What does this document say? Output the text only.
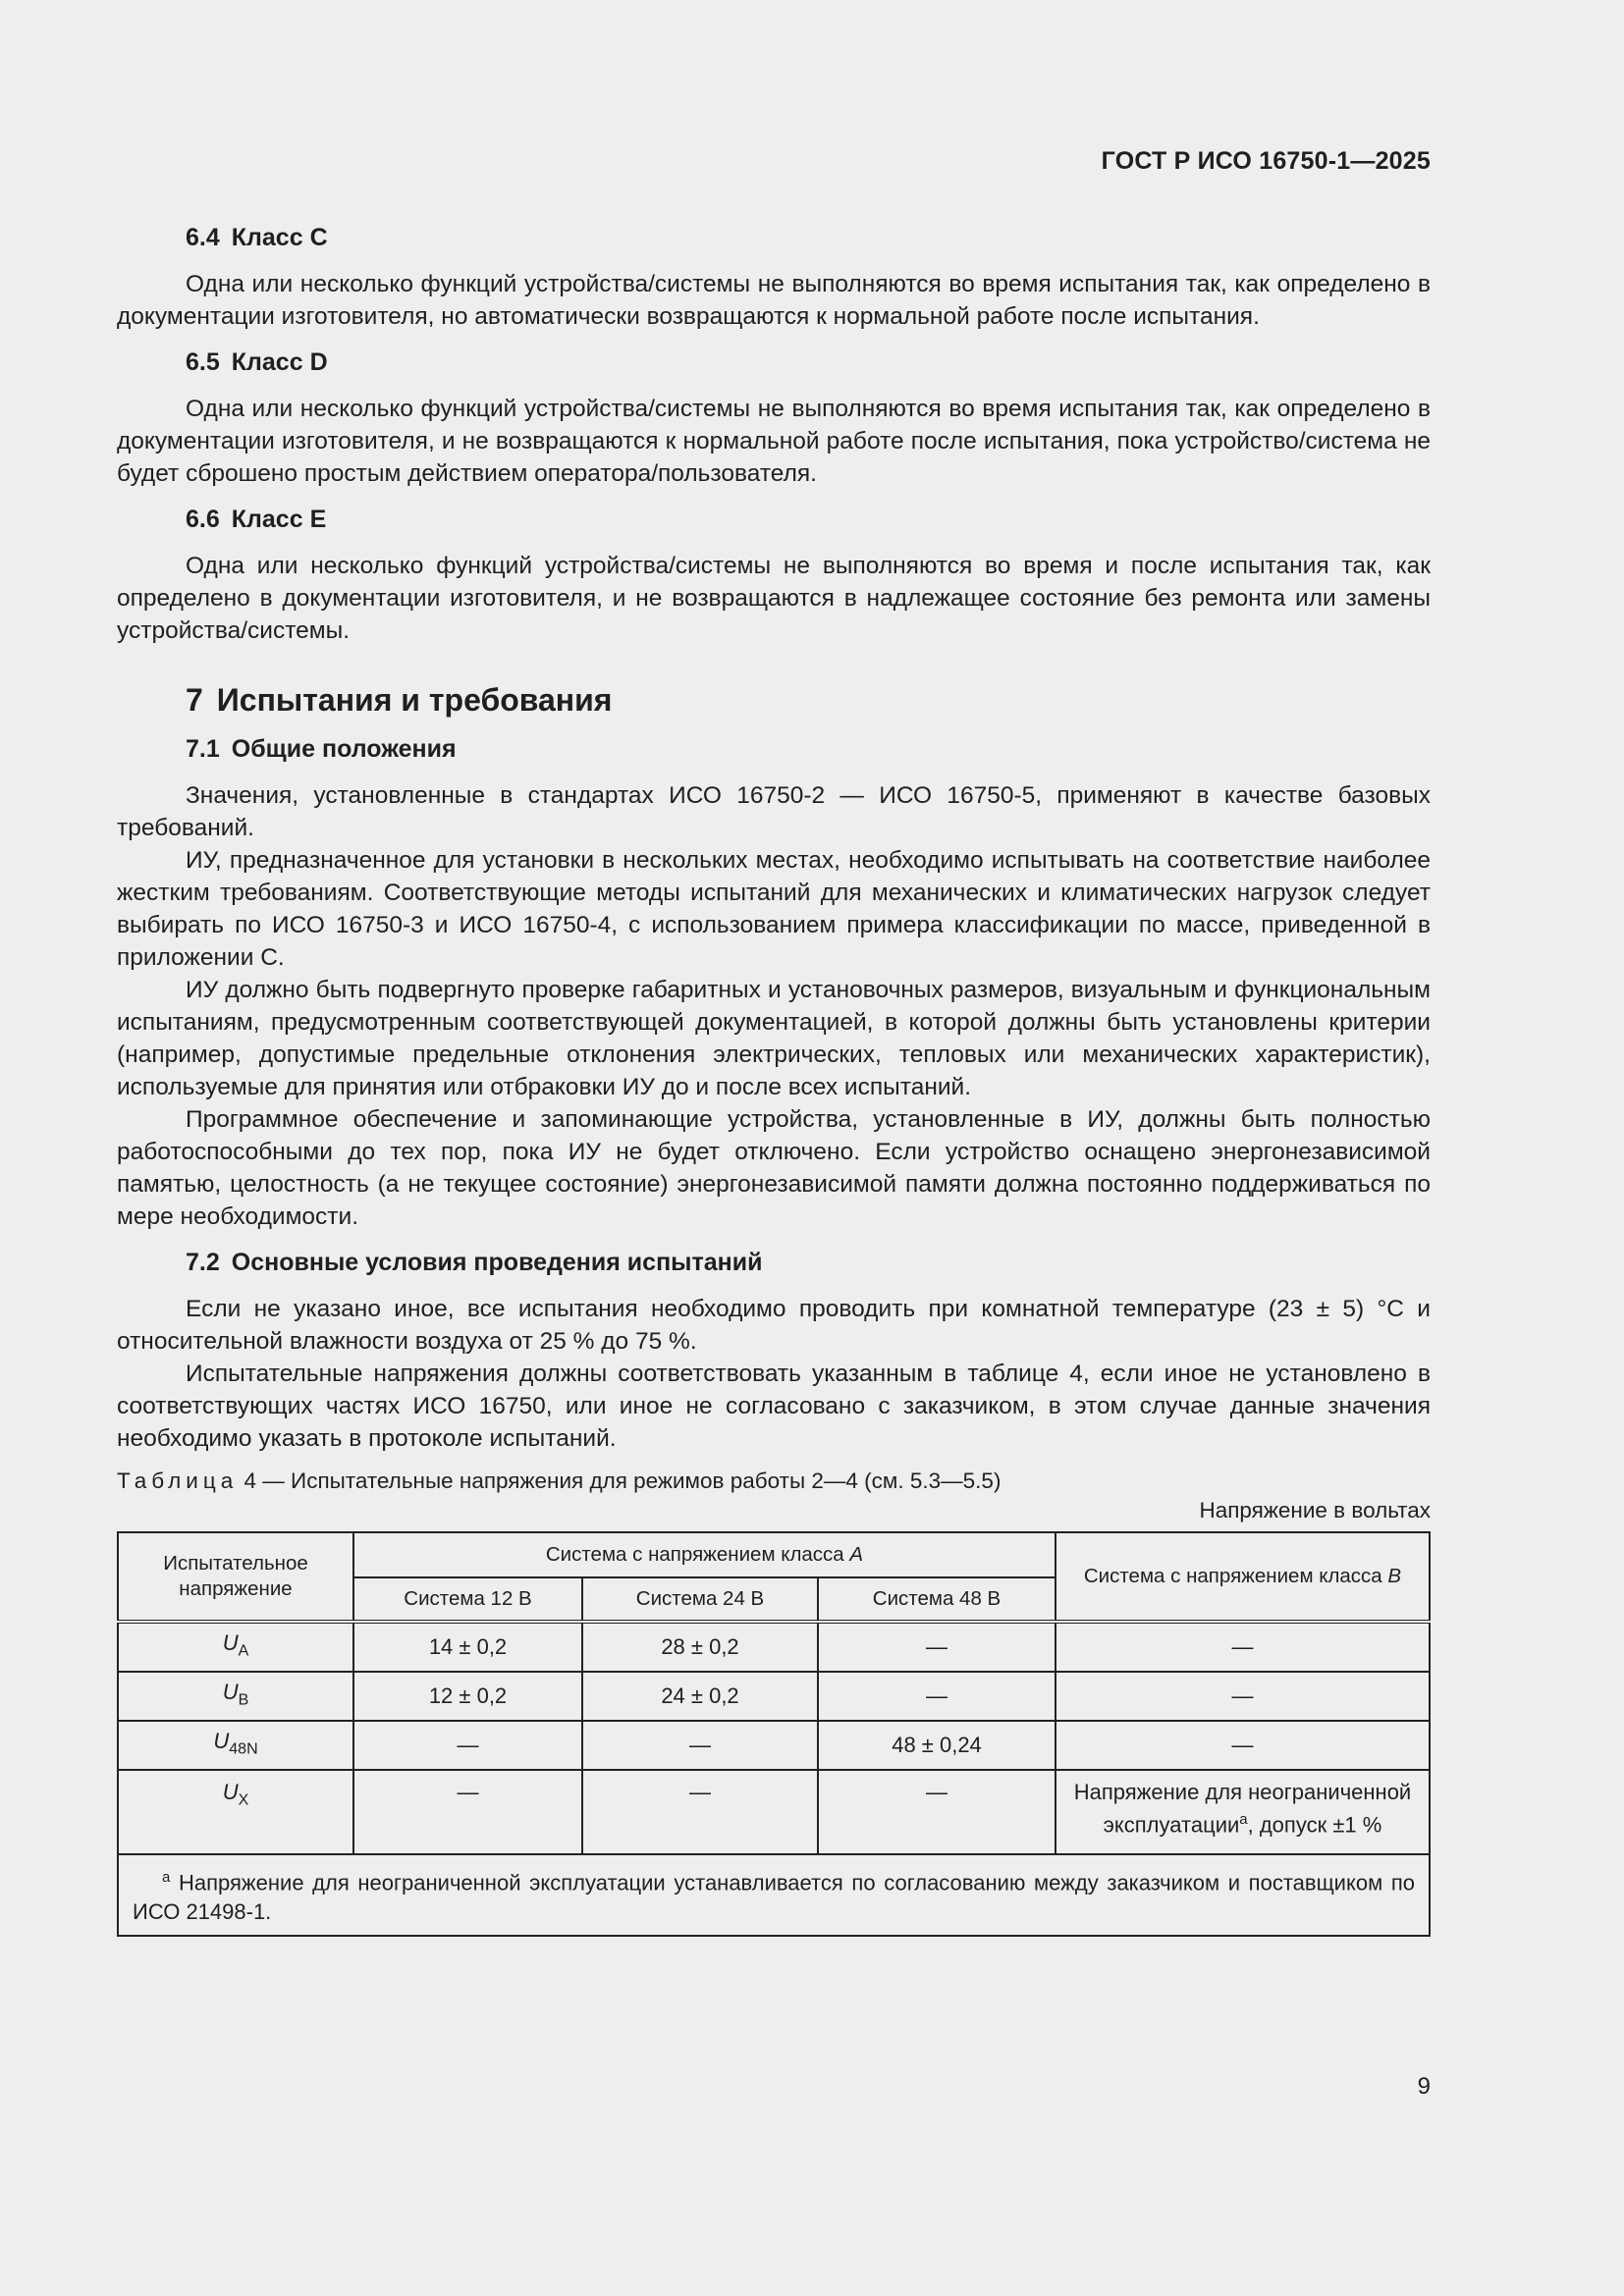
ГОСТ Р ИСО 16750-1—2025
6.4 Класс С

Одна или несколько функций устройства/системы не выполняются во время испытания так, как определено в документации изготовителя, но автоматически возвращаются к нормальной работе после испытания.

6.5 Класс D

Одна или несколько функций устройства/системы не выполняются во время испытания так, как определено в документации изготовителя, и не возвращаются к нормальной работе после испытания, пока устройство/система не будет сброшено простым действием оператора/пользователя.

6.6 Класс E

Одна или несколько функций устройства/системы не выполняются во время и после испытания так, как определено в документации изготовителя, и не возвращаются в надлежащее состояние без ремонта или замены устройства/системы.

7 Испытания и требования
7.1 Общие положения

Значения, установленные в стандартах ИСО 16750-2 — ИСО 16750-5, применяют в качестве базовых требований.

ИУ, предназначенное для установки в нескольких местах, необходимо испытывать на соответствие наиболее жестким требованиям. Соответствующие методы испытаний для механических и климатических нагрузок следует выбирать по ИСО 16750-3 и ИСО 16750-4, с использованием примера классификации по массе, приведенной в приложении С.

ИУ должно быть подвергнуто проверке габаритных и установочных размеров, визуальным и функциональным испытаниям, предусмотренным соответствующей документацией, в которой должны быть установлены критерии (например, допустимые предельные отклонения электрических, тепловых или механических характеристик), используемые для принятия или отбраковки ИУ до и после всех испытаний.

Программное обеспечение и запоминающие устройства, установленные в ИУ, должны быть полностью работоспособными до тех пор, пока ИУ не будет отключено. Если устройство оснащено энергонезависимой памятью, целостность (а не текущее состояние) энергонезависимой памяти должна постоянно поддерживаться по мере необходимости.

7.2 Основные условия проведения испытаний

Если не указано иное, все испытания необходимо проводить при комнатной температуре (23 ± 5) °С и относительной влажности воздуха от 25 % до 75 %.

Испытательные напряжения должны соответствовать указанным в таблице 4, если иное не установлено в соответствующих частях ИСО 16750, или иное не согласовано с заказчиком, в этом случае данные значения необходимо указать в протоколе испытаний.

Таблица 4 — Испытательные напряжения для режимов работы 2—4 (см. 5.3—5.5)
Напряжение в вольтах
Испытательное напряжение	Система с напряжением класса A			Система с напряжением класса B
	Система 12 В	Система 24 В	Система 48 В	
$U_A$	14 ± 0,2	28 ± 0,2	—	—
$U_B$	12 ± 0,2	24 ± 0,2	—	—
$U_{48N}$	—	—	48 ± 0,24	—
$U_X$	—	—	—	Напряжение для неограниченной
эксплуатации$^a$, допуск ±1 %
$^a$ Напряжение для неограниченной эксплуатации устанавливается по согласованию между заказчиком и поставщиком по ИСО 21498-1.				
9
